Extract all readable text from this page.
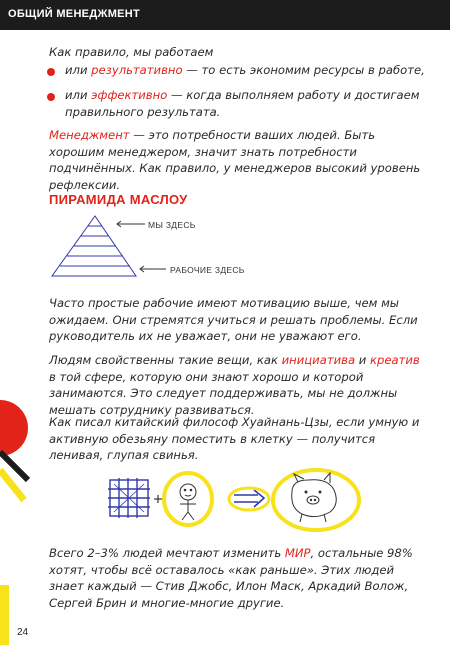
ОБЩИЙ МЕНЕДЖМЕНТ
Как правило, мы работаем
или результативно — то есть экономим ресурсы в работе,
или эффективно — когда выполняем работу и достигаем правильного результата.
Менеджмент — это потребности ваших людей. Быть хорошим менеджером, значит знать потребности подчинённых. Как правило, у менеджеров высокий уровень рефлексии.
ПИРАМИДА МАСЛОУ
МЫ ЗДЕСЬ
РАБОЧИЕ ЗДЕСЬ
Часто простые рабочие имеют мотивацию выше, чем мы ожидаем. Они стремятся учиться и решать проблемы. Если руководитель их не уважает, они не уважают его.
Людям свойственны такие вещи, как инициатива и креатив в той сфере, которую они знают хорошо и которой занимаются. Это следует поддерживать, мы не должны мешать сотруднику развиваться.
Как писал китайский философ Хуайнань-Цзы, если умную и активную обезьяну поместить в клетку — получится ленивая, глупая свинья.
Всего 2–3% людей мечтают изменить МИР, остальные 98% хотят, чтобы всё оставалось «как раньше». Этих людей знает каждый — Стив Джобс, Илон Маск, Аркадий Волож, Сергей Брин и многие-многие другие.
24
